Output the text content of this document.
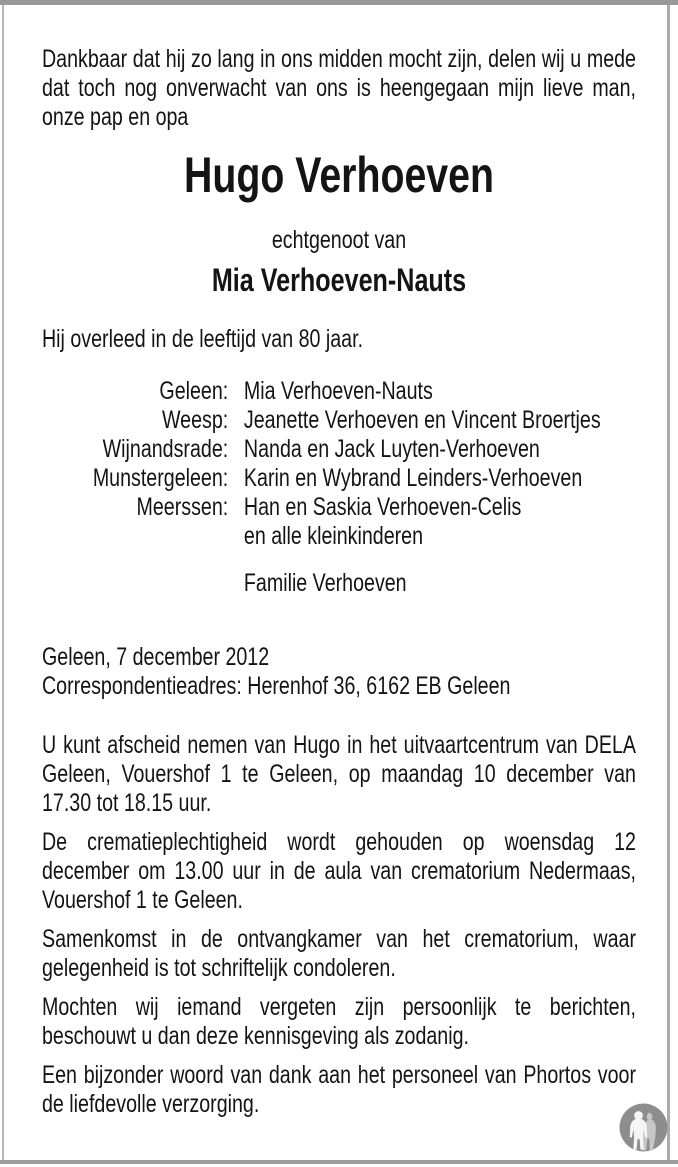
Dankbaar dat hij zo lang in ons midden mocht zijn, delen wij u mede dat toch nog onverwacht van ons is heengegaan mijn lieve man, onze pap en opa

Hugo Verhoeven

echtgenoot van

Mia Verhoeven-Nauts

Hij overleed in de leeftijd van 80 jaar.

Geleen: Mia Verhoeven-Nauts
Weesp: Jeanette Verhoeven en Vincent Broertjes
Wijnandsrade: Nanda en Jack Luyten-Verhoeven
Munstergeleen: Karin en Wybrand Leinders-Verhoeven
Meerssen: Han en Saskia Verhoeven-Celis
en alle kleinkinderen

Familie Verhoeven

Geleen, 7 december 2012

Correspondentieadres: Herenhof 36, 6162 EB Geleen

U kunt afscheid nemen van Hugo in het uitvaartcentrum van DELA Geleen, Vouershof 1 te Geleen, op maandag 10 december van 17.30 tot 18.15 uur.

De crematieplechtigheid wordt gehouden op woensdag 12 december om 13.00 uur in de aula van crematorium Nedermaas, Vouershof 1 te Geleen.

Samenkomst in de ontvangkamer van het crematorium, waar gelegenheid is tot schriftelijk condoleren.

Mochten wij iemand vergeten zijn persoonlijk te berichten, beschouwt u dan deze kennisgeving als zodanig.

Een bijzonder woord van dank aan het personeel van Phortos voor de liefdevolle verzorging.
